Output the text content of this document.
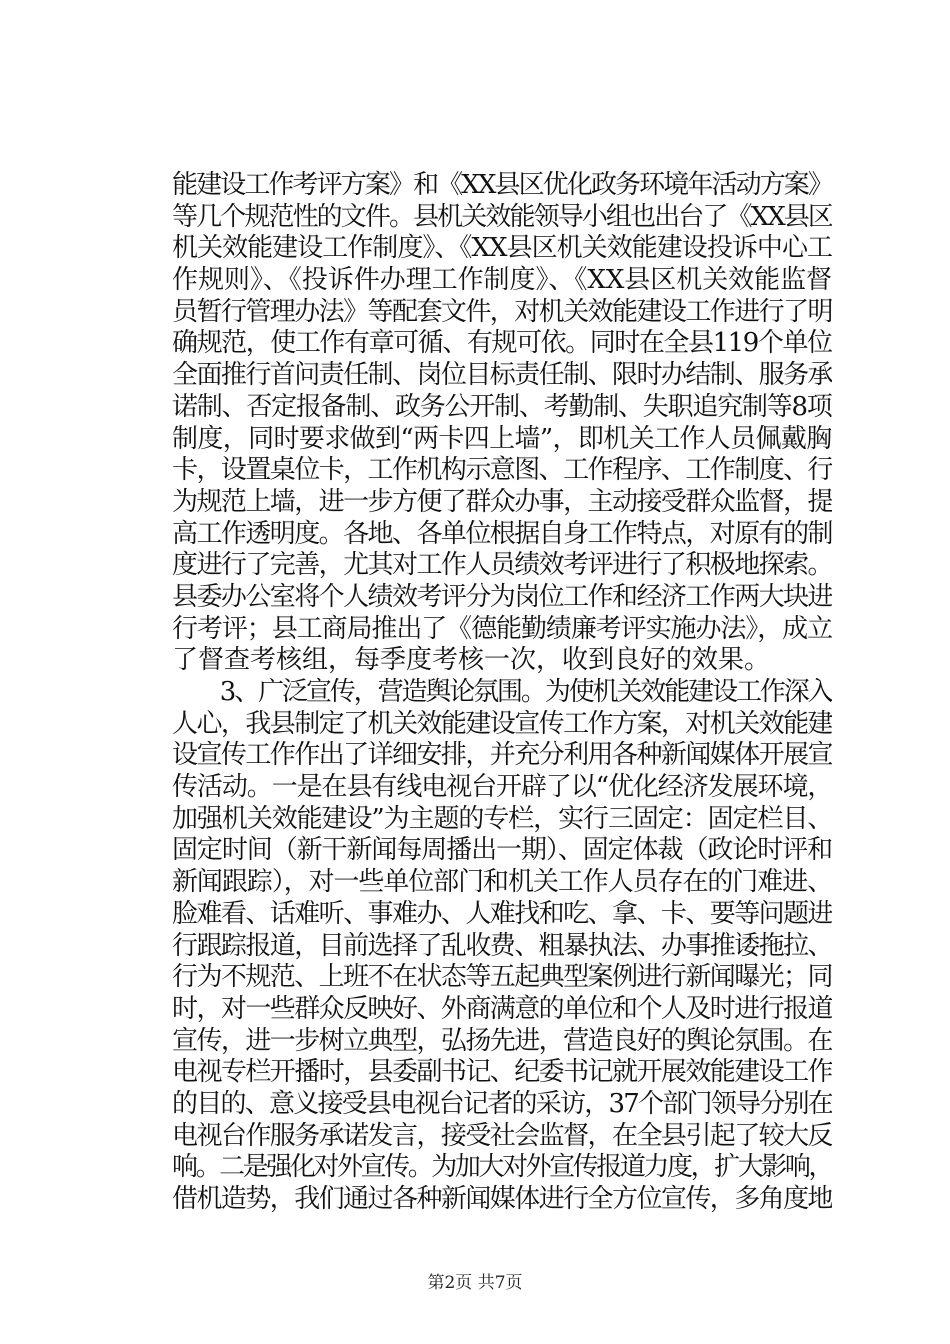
能建设工作考评方案》和《XX县区优化政务环境年活动方案》
等几个规范性的文件。县机关效能领导小组也出台了《XX县区
机关效能建设工作制度》、《XX县区机关效能建设投诉中心工
作规则》、《投诉件办理工作制度》、《XX县区机关效能监督
员暂行管理办法》等配套文件，对机关效能建设工作进行了明
确规范，使工作有章可循、有规可依。同时在全县119个单位
全面推行首问责任制、岗位目标责任制、限时办结制、服务承
诺制、否定报备制、政务公开制、考勤制、失职追究制等8项
制度，同时要求做到“两卡四上墙”，即机关工作人员佩戴胸
卡，设置桌位卡，工作机构示意图、工作程序、工作制度、行
为规范上墙，进一步方便了群众办事，主动接受群众监督，提
高工作透明度。各地、各单位根据自身工作特点，对原有的制
度进行了完善，尤其对工作人员绩效考评进行了积极地探索。
县委办公室将个人绩效考评分为岗位工作和经济工作两大块进
行考评；县工商局推出了《德能勤绩廉考评实施办法》，成立
了督查考核组，每季度考核一次，收到良好的效果。
　　3、广泛宣传，营造舆论氛围。为使机关效能建设工作深入
人心，我县制定了机关效能建设宣传工作方案，对机关效能建
设宣传工作作出了详细安排，并充分利用各种新闻媒体开展宣
传活动。一是在县有线电视台开辟了以“优化经济发展环境，
加强机关效能建设”为主题的专栏，实行三固定：固定栏目、
固定时间（新干新闻每周播出一期）、固定体裁（政论时评和
新闻跟踪），对一些单位部门和机关工作人员存在的门难进、
脸难看、话难听、事难办、人难找和吃、拿、卡、要等问题进
行跟踪报道，目前选择了乱收费、粗暴执法、办事推诿拖拉、
行为不规范、上班不在状态等五起典型案例进行新闻曝光；同
时，对一些群众反映好、外商满意的单位和个人及时进行报道
宣传，进一步树立典型，弘扬先进，营造良好的舆论氛围。在
电视专栏开播时，县委副书记、纪委书记就开展效能建设工作
的目的、意义接受县电视台记者的采访，37个部门领导分别在
电视台作服务承诺发言，接受社会监督，在全县引起了较大反
响。二是强化对外宣传。为加大对外宣传报道力度，扩大影响，
借机造势，我们通过各种新闻媒体进行全方位宣传，多角度地
第2页 共7页
